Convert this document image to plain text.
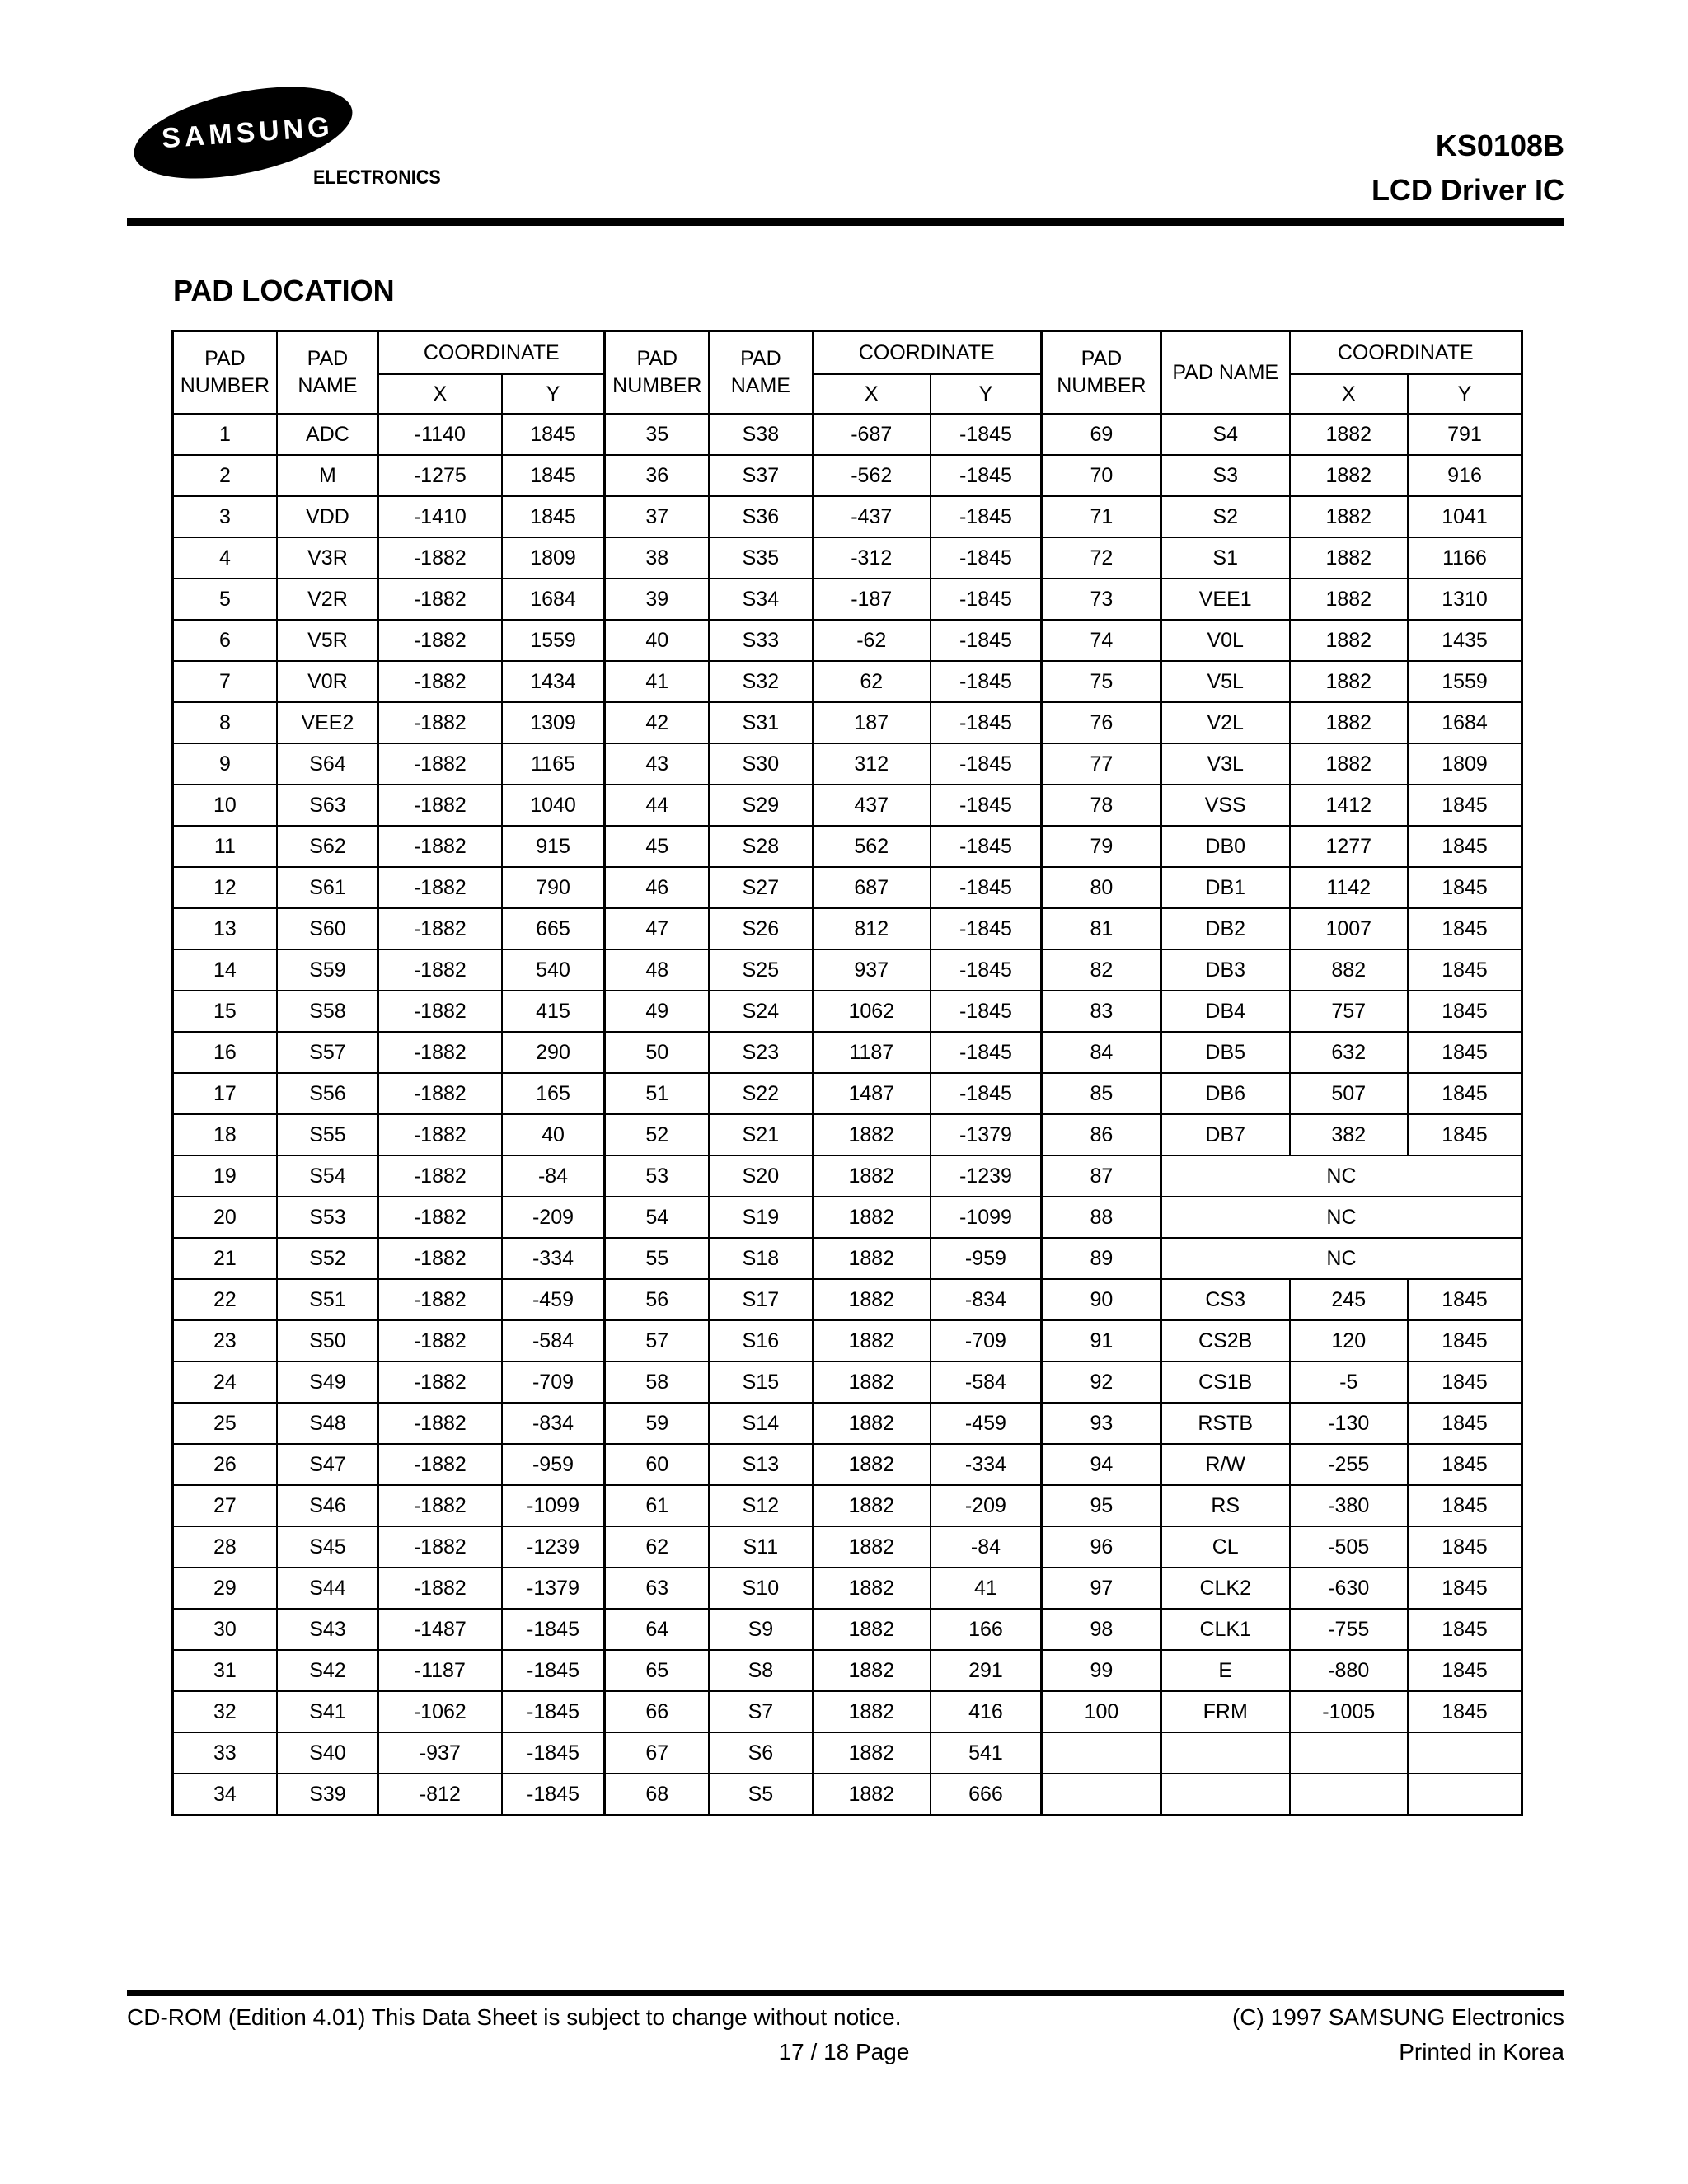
SAMSUNG
ELECTRONICS
KS0108B
LCD Driver IC
PAD LOCATION
PAD NUMBER	PAD NAME	COORDINATE		PAD NUMBER	PAD NAME	COORDINATE		PAD NUMBER	PAD NAME	COORDINATE	
		X	Y			X	Y			X	Y
1	ADC	-1140	1845	35	S38	-687	-1845	69	S4	1882	791
2	M	-1275	1845	36	S37	-562	-1845	70	S3	1882	916
3	VDD	-1410	1845	37	S36	-437	-1845	71	S2	1882	1041
4	V3R	-1882	1809	38	S35	-312	-1845	72	S1	1882	1166
5	V2R	-1882	1684	39	S34	-187	-1845	73	VEE1	1882	1310
6	V5R	-1882	1559	40	S33	-62	-1845	74	V0L	1882	1435
7	V0R	-1882	1434	41	S32	62	-1845	75	V5L	1882	1559
8	VEE2	-1882	1309	42	S31	187	-1845	76	V2L	1882	1684
9	S64	-1882	1165	43	S30	312	-1845	77	V3L	1882	1809
10	S63	-1882	1040	44	S29	437	-1845	78	VSS	1412	1845
11	S62	-1882	915	45	S28	562	-1845	79	DB0	1277	1845
12	S61	-1882	790	46	S27	687	-1845	80	DB1	1142	1845
13	S60	-1882	665	47	S26	812	-1845	81	DB2	1007	1845
14	S59	-1882	540	48	S25	937	-1845	82	DB3	882	1845
15	S58	-1882	415	49	S24	1062	-1845	83	DB4	757	1845
16	S57	-1882	290	50	S23	1187	-1845	84	DB5	632	1845
17	S56	-1882	165	51	S22	1487	-1845	85	DB6	507	1845
18	S55	-1882	40	52	S21	1882	-1379	86	DB7	382	1845
19	S54	-1882	-84	53	S20	1882	-1239	87	NC		
20	S53	-1882	-209	54	S19	1882	-1099	88	NC		
21	S52	-1882	-334	55	S18	1882	-959	89	NC		
22	S51	-1882	-459	56	S17	1882	-834	90	CS3	245	1845
23	S50	-1882	-584	57	S16	1882	-709	91	CS2B	120	1845
24	S49	-1882	-709	58	S15	1882	-584	92	CS1B	-5	1845
25	S48	-1882	-834	59	S14	1882	-459	93	RSTB	-130	1845
26	S47	-1882	-959	60	S13	1882	-334	94	R/W	-255	1845
27	S46	-1882	-1099	61	S12	1882	-209	95	RS	-380	1845
28	S45	-1882	-1239	62	S11	1882	-84	96	CL	-505	1845
29	S44	-1882	-1379	63	S10	1882	41	97	CLK2	-630	1845
30	S43	-1487	-1845	64	S9	1882	166	98	CLK1	-755	1845
31	S42	-1187	-1845	65	S8	1882	291	99	E	-880	1845
32	S41	-1062	-1845	66	S7	1882	416	100	FRM	-1005	1845
33	S40	-937	-1845	67	S6	1882	541				
34	S39	-812	-1845	68	S5	1882	666				
CD-ROM (Edition 4.01) This Data Sheet is subject to change without notice.	(C) 1997 SAMSUNG Electronics
17 / 18 Page	Printed in Korea
